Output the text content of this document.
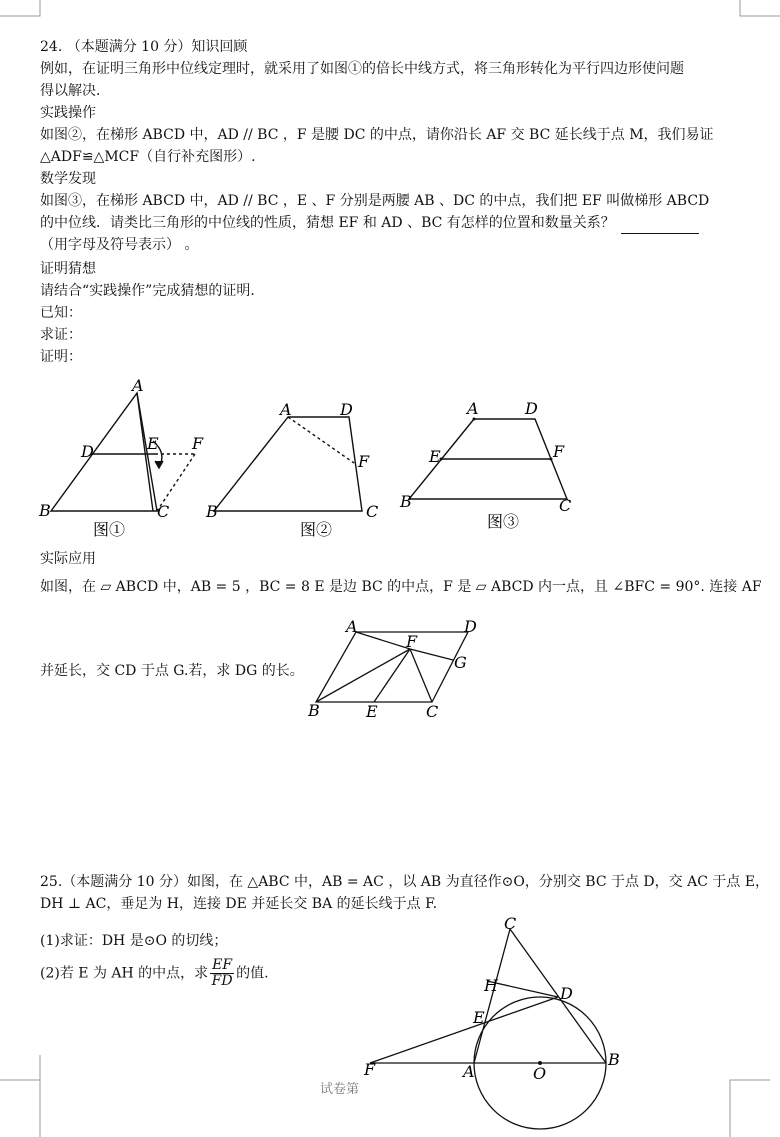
24. （本题满分 10 分）知识回顾
例如，在证明三角形中位线定理时，就采用了如图①的倍长中线方式，将三角形转化为平行四边形使问题
得以解决．
实践操作
如图②，在梯形 ABCD 中，AD // BC ，F 是腰 DC 的中点，请你沿长 AF 交 BC 延长线于点 M，我们易证
△ADF≌△MCF（自行补充图形）.
数学发现
如图③，在梯形 ABCD 中，AD // BC ，E 、F 分别是两腰 AB 、DC 的中点，我们把 EF 叫做梯形 ABCD
的中位线．请类比三角形的中位线的性质，猜想 EF 和 AD 、BC 有怎样的位置和数量关系？
（用字母及符号表示） 。
证明猜想
请结合“实践操作”完成猜想的证明．
已知：
求证：
证明：
A
D	E F
B	C
图①
A	D
F
B	C
图②
A	D
E	F
B	C
图③
实际应用
如图，在 ▱ ABCD 中，AB = 5 ，BC = 8 E 是边 BC 的中点，F 是 ▱ ABCD 内一点，且 ∠BFC = 90°. 连接 AF
并延长，交 CD 于点 G.若，求 DG 的长。
A	D
F
G
B	E	C
25.（本题满分 10 分）如图，在 △ABC 中，AB = AC ，以 AB 为直径作⊙O，分别交 BC 于点 D，交 AC 于点 E，
DH ⊥ AC，垂足为 H，连接 DE 并延长交 BA 的延长线于点 F.
(1)求证：DH 是⊙O 的切线；
(2)若 E 为 AH 的中点，求 $\frac{EF}{FD}$ 的值.
C
H	D
E
F	A	O
B
试卷第
